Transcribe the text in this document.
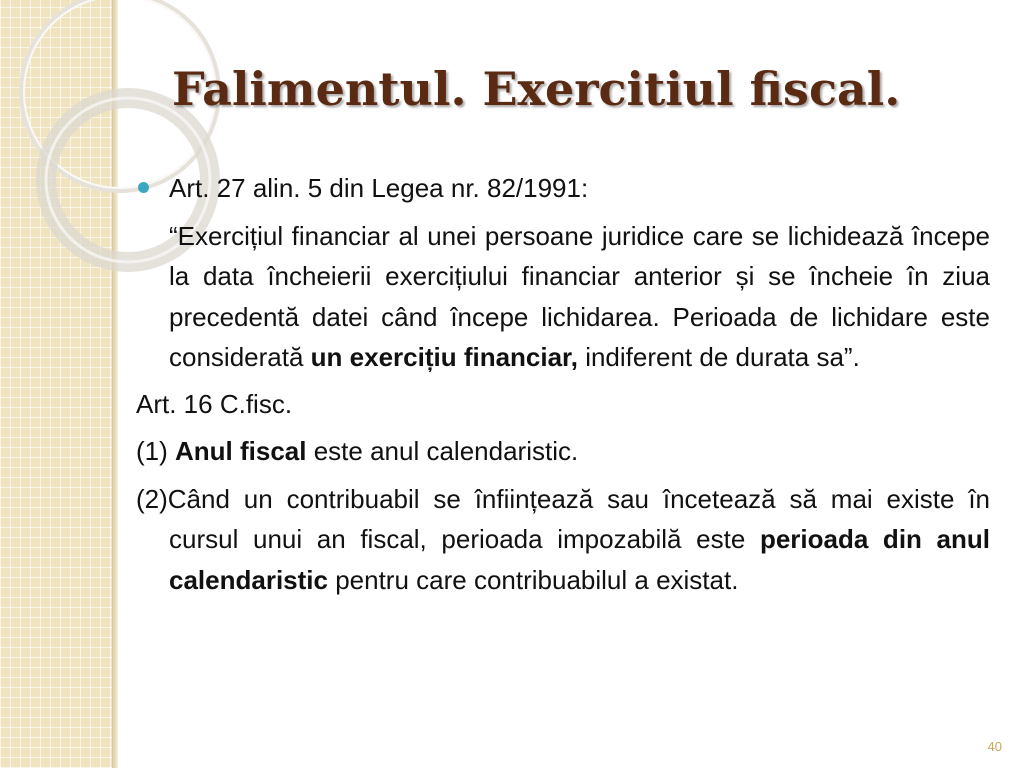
Falimentul. Exercitiul fiscal.

Art. 27 alin. 5 din Legea nr. 82/1991:

“Exercițiul financiar al unei persoane juridice care se lichidează începe la data încheierii exercițiului financiar anterior și se încheie în ziua precedentă datei când începe lichidarea. Perioada de lichidare este considerată un exercițiu financiar, indiferent de durata sa”.

Art. 16 C.fisc.

(1) Anul fiscal este anul calendaristic.

(2)Când un contribuabil se înființează sau încetează să mai existe în cursul unui an fiscal, perioada impozabilă este perioada din anul calendaristic pentru care contribuabilul a existat.

40
